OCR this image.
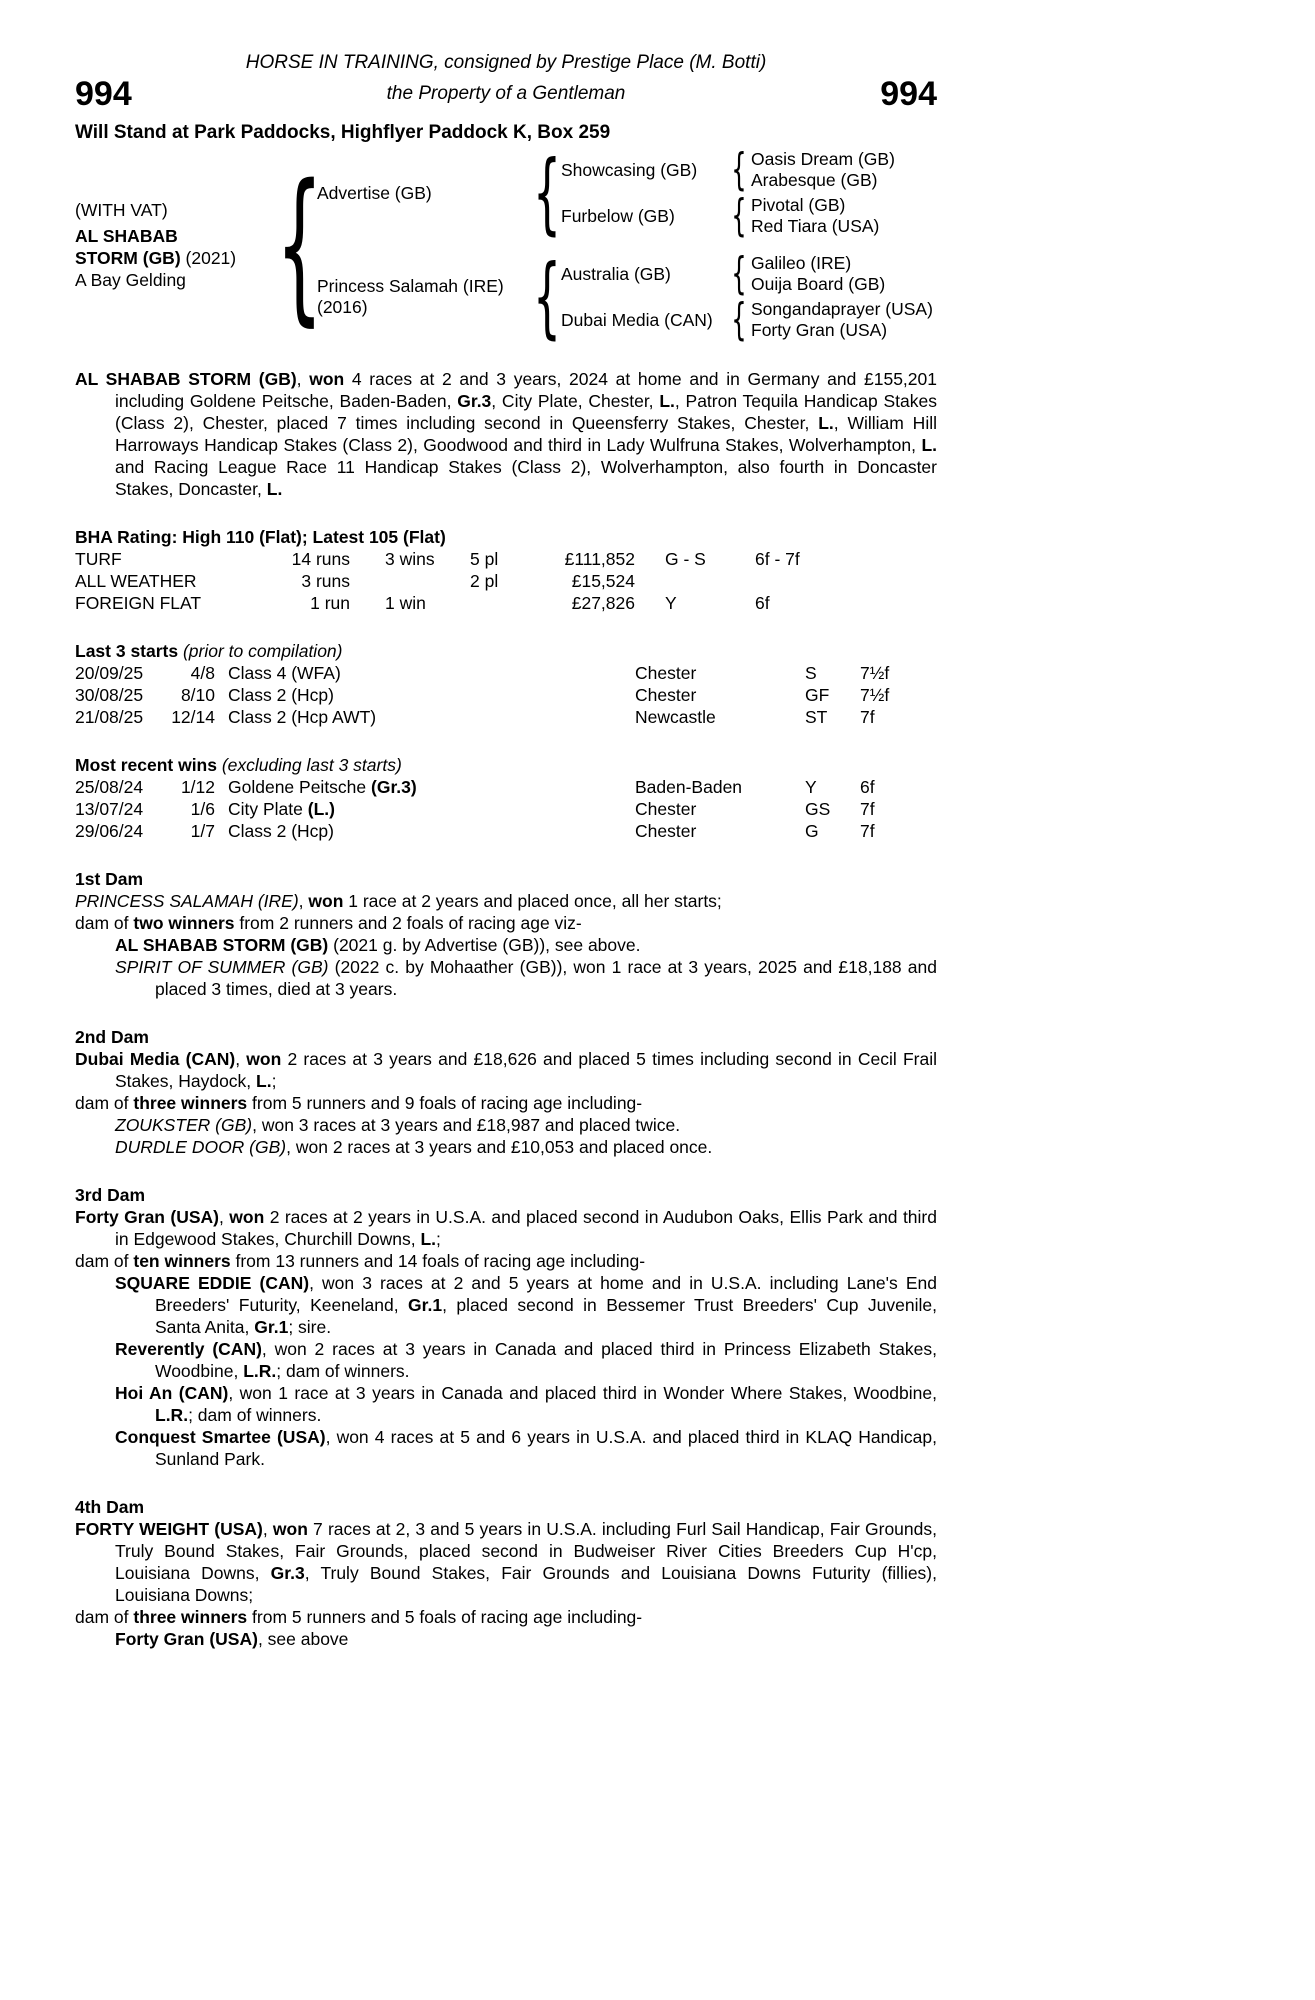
HORSE IN TRAINING, consigned by Prestige Place (M. Botti)
994	the Property of a Gentleman	994
Will Stand at Park Paddocks, Highflyer Paddock K, Box 259
(WITH VAT)
AL SHABAB
STORM (GB) (2021)
A Bay Gelding
{
Advertise (GB)
{
Showcasing (GB)
{
Oasis Dream (GB)
Arabesque (GB)
Furbelow (GB)
{
Pivotal (GB)
Red Tiara (USA)
Princess Salamah (IRE)
(2016)
{
Australia (GB)
{
Galileo (IRE)
Ouija Board (GB)
Dubai Media (CAN)
{
Songandaprayer (USA)
Forty Gran (USA)
AL SHABAB STORM (GB), won 4 races at 2 and 3 years, 2024 at home and in Germany and £155,201 including Goldene Peitsche, Baden-Baden, Gr.3, City Plate, Chester, L., Patron Tequila Handicap Stakes (Class 2), Chester, placed 7 times including second in Queensferry Stakes, Chester, L., William Hill Harroways Handicap Stakes (Class 2), Goodwood and third in Lady Wulfruna Stakes, Wolverhampton, L. and Racing League Race 11 Handicap Stakes (Class 2), Wolverhampton, also fourth in Doncaster Stakes, Doncaster, L.
BHA Rating: High 110 (Flat); Latest 105 (Flat)
TURF	14 runs	3 wins	5 pl	£111,852	G - S	6f - 7f
ALL WEATHER	3 runs	2 pl	£15,524
FOREIGN FLAT	1 run	1 win	£27,826	Y	6f
Last 3 starts (prior to compilation)
20/09/25	4/8 Class 4 (WFA)	Chester	S	7½f
30/08/25	8/10 Class 2 (Hcp)	Chester	GF	7½f
21/08/25	12/14 Class 2 (Hcp AWT)	Newcastle	ST	7f
Most recent wins (excluding last 3 starts)
25/08/24	1/12 Goldene Peitsche (Gr.3)	Baden-Baden	Y	6f
13/07/24	1/6 City Plate (L.)	Chester	GS	7f
29/06/24	1/7 Class 2 (Hcp)	Chester	G	7f
1st Dam
PRINCESS SALAMAH (IRE), won 1 race at 2 years and placed once, all her starts;
dam of two winners from 2 runners and 2 foals of racing age viz-
AL SHABAB STORM (GB) (2021 g. by Advertise (GB)), see above.
SPIRIT OF SUMMER (GB) (2022 c. by Mohaather (GB)), won 1 race at 3 years, 2025 and £18,188 and placed 3 times, died at 3 years.
2nd Dam
Dubai Media (CAN), won 2 races at 3 years and £18,626 and placed 5 times including second in Cecil Frail Stakes, Haydock, L.;
dam of three winners from 5 runners and 9 foals of racing age including-
ZOUKSTER (GB), won 3 races at 3 years and £18,987 and placed twice.
DURDLE DOOR (GB), won 2 races at 3 years and £10,053 and placed once.
3rd Dam
Forty Gran (USA), won 2 races at 2 years in U.S.A. and placed second in Audubon Oaks, Ellis Park and third in Edgewood Stakes, Churchill Downs, L.;
dam of ten winners from 13 runners and 14 foals of racing age including-
SQUARE EDDIE (CAN), won 3 races at 2 and 5 years at home and in U.S.A. including Lane's End Breeders' Futurity, Keeneland, Gr.1, placed second in Bessemer Trust Breeders' Cup Juvenile, Santa Anita, Gr.1; sire.
Reverently (CAN), won 2 races at 3 years in Canada and placed third in Princess Elizabeth Stakes, Woodbine, L.R.; dam of winners.
Hoi An (CAN), won 1 race at 3 years in Canada and placed third in Wonder Where Stakes, Woodbine, L.R.; dam of winners.
Conquest Smartee (USA), won 4 races at 5 and 6 years in U.S.A. and placed third in KLAQ Handicap, Sunland Park.
4th Dam
FORTY WEIGHT (USA), won 7 races at 2, 3 and 5 years in U.S.A. including Furl Sail Handicap, Fair Grounds, Truly Bound Stakes, Fair Grounds, placed second in Budweiser River Cities Breeders Cup H'cp, Louisiana Downs, Gr.3, Truly Bound Stakes, Fair Grounds and Louisiana Downs Futurity (fillies), Louisiana Downs;
dam of three winners from 5 runners and 5 foals of racing age including-
Forty Gran (USA), see above
